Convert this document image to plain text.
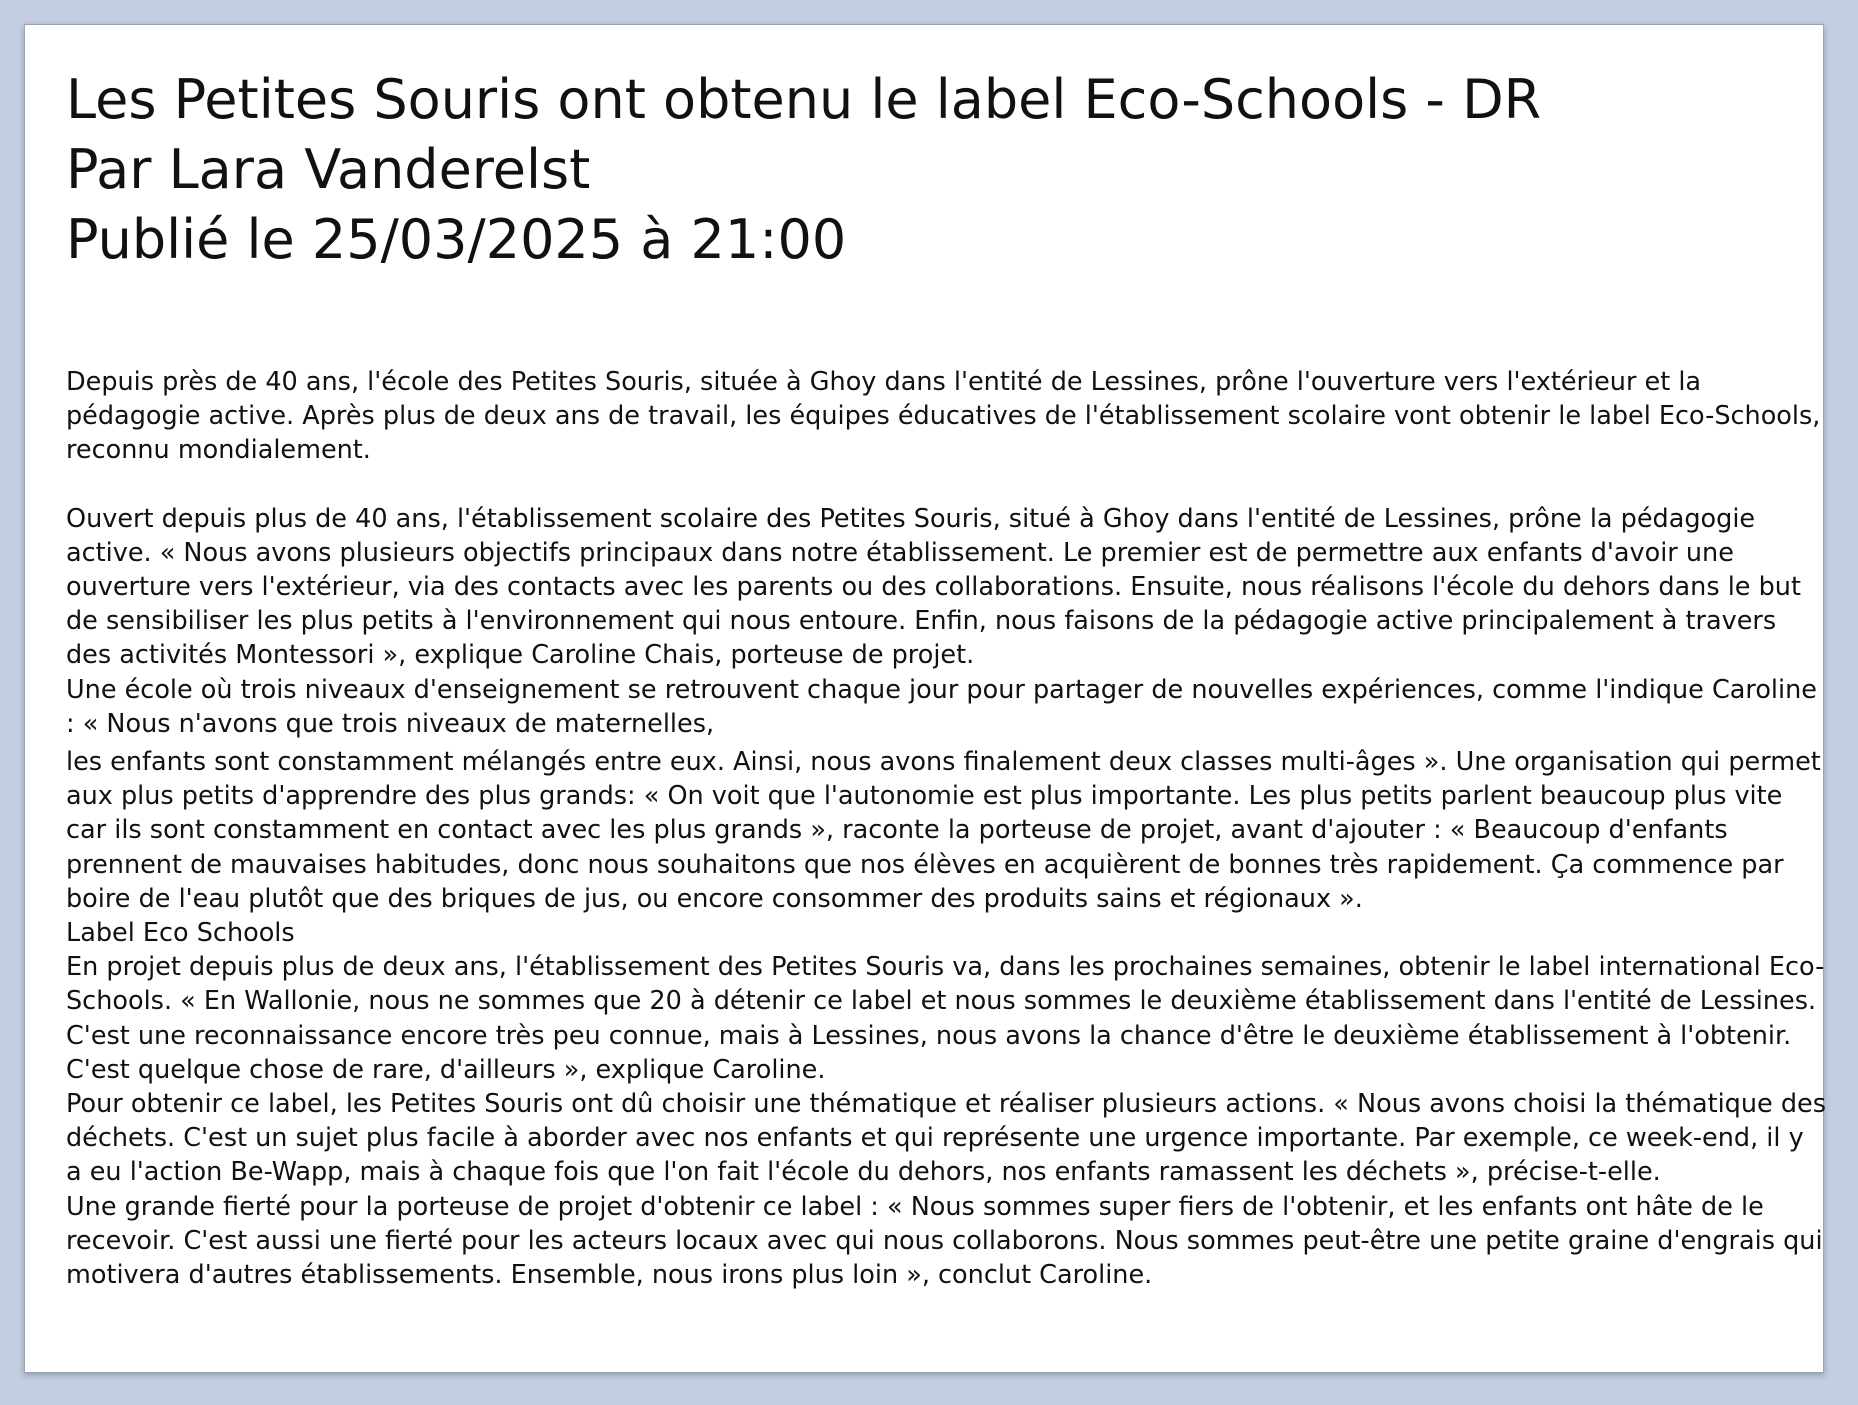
Les Petites Souris ont obtenu le label Eco-Schools - DR
Par Lara Vanderelst
Publié le 25/03/2025 à 21:00

Depuis près de 40 ans, l'école des Petites Souris, située à Ghoy dans l'entité de Lessines, prône l'ouverture vers l'extérieur et la pédagogie active. Après plus de deux ans de travail, les équipes éducatives de l'établissement scolaire vont obtenir le label Eco-Schools, reconnu mondialement.

Ouvert depuis plus de 40 ans, l'établissement scolaire des Petites Souris, situé à Ghoy dans l'entité de Lessines, prône la pédagogie active. « Nous avons plusieurs objectifs principaux dans notre établissement. Le premier est de permettre aux enfants d'avoir une ouverture vers l'extérieur, via des contacts avec les parents ou des collaborations. Ensuite, nous réalisons l'école du dehors dans le but de sensibiliser les plus petits à l'environnement qui nous entoure. Enfin, nous faisons de la pédagogie active principalement à travers des activités Montessori », explique Caroline Chais, porteuse de projet.

Une école où trois niveaux d'enseignement se retrouvent chaque jour pour partager de nouvelles expériences, comme l'indique Caroline : « Nous n'avons que trois niveaux de maternelles,

les enfants sont constamment mélangés entre eux. Ainsi, nous avons finalement deux classes multi-âges ». Une organisation qui permet aux plus petits d'apprendre des plus grands: « On voit que l'autonomie est plus importante. Les plus petits parlent beaucoup plus vite car ils sont constamment en contact avec les plus grands », raconte la porteuse de projet, avant d'ajouter : « Beaucoup d'enfants prennent de mauvaises habitudes, donc nous souhaitons que nos élèves en acquièrent de bonnes très rapidement. Ça commence par boire de l'eau plutôt que des briques de jus, ou encore consommer des produits sains et régionaux ».

Label Eco Schools

En projet depuis plus de deux ans, l'établissement des Petites Souris va, dans les prochaines semaines, obtenir le label international Eco-Schools. « En Wallonie, nous ne sommes que 20 à détenir ce label et nous sommes le deuxième établissement dans l'entité de Lessines. C'est une reconnaissance encore très peu connue, mais à Lessines, nous avons la chance d'être le deuxième établissement à l'obtenir. C'est quelque chose de rare, d'ailleurs », explique Caroline.

Pour obtenir ce label, les Petites Souris ont dû choisir une thématique et réaliser plusieurs actions. « Nous avons choisi la thématique des déchets. C'est un sujet plus facile à aborder avec nos enfants et qui représente une urgence importante. Par exemple, ce week-end, il y a eu l'action Be-Wapp, mais à chaque fois que l'on fait l'école du dehors, nos enfants ramassent les déchets », précise-t-elle.

Une grande fierté pour la porteuse de projet d'obtenir ce label : « Nous sommes super fiers de l'obtenir, et les enfants ont hâte de le recevoir. C'est aussi une fierté pour les acteurs locaux avec qui nous collaborons. Nous sommes peut-être une petite graine d'engrais qui motivera d'autres établissements. Ensemble, nous irons plus loin », conclut Caroline.
